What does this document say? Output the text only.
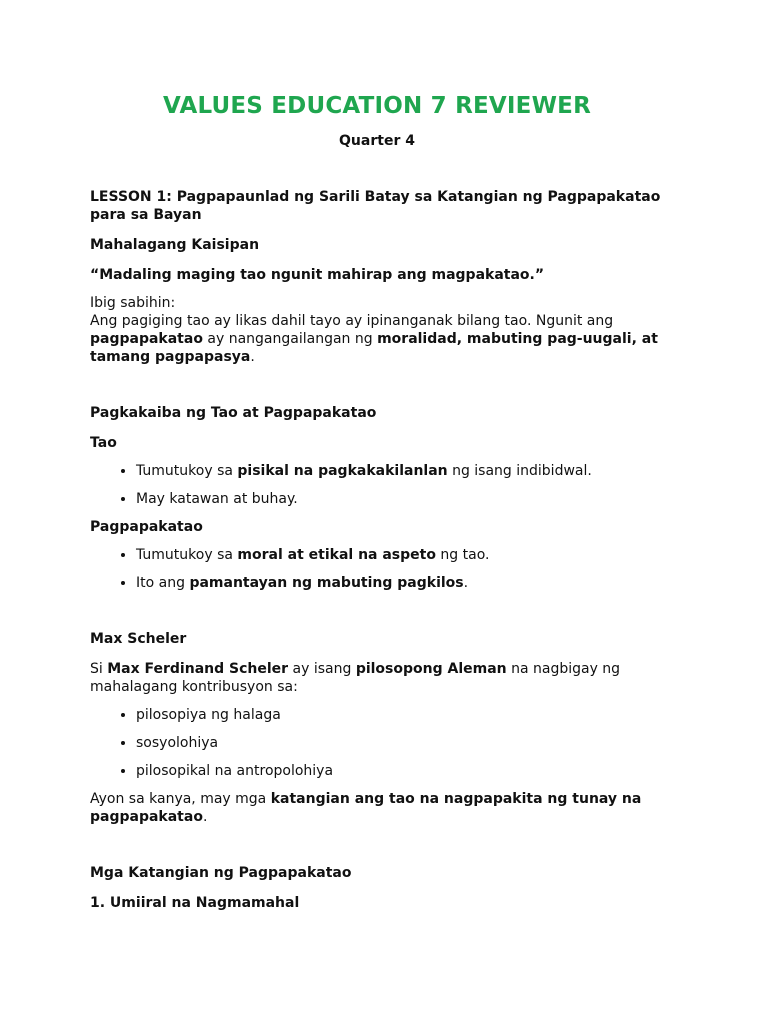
VALUES EDUCATION 7 REVIEWER

Quarter 4

LESSON 1: Pagpapaunlad ng Sarili Batay sa Katangian ng Pagpapakatao para sa Bayan

Mahalagang Kaisipan

“Madaling maging tao ngunit mahirap ang magpakatao.”

Ibig sabihin:
Ang pagiging tao ay likas dahil tayo ay ipinanganak bilang tao. Ngunit ang pagpapakatao ay nangangailangan ng moralidad, mabuting pag-uugali, at tamang pagpapasya.

Pagkakaiba ng Tao at Pagpapakatao

Tao

• Tumutukoy sa pisikal na pagkakakilanlan ng isang indibidwal.
• May katawan at buhay.

Pagpapakatao

• Tumutukoy sa moral at etikal na aspeto ng tao.
• Ito ang pamantayan ng mabuting pagkilos.

Max Scheler

Si Max Ferdinand Scheler ay isang pilosopong Aleman na nagbigay ng mahalagang kontribusyon sa:

• pilosopiya ng halaga
• sosyolohiya
• pilosopikal na antropolohiya

Ayon sa kanya, may mga katangian ang tao na nagpapakita ng tunay na pagpapakatao.

Mga Katangian ng Pagpapakatao

1. Umiiral na Nagmamahal
